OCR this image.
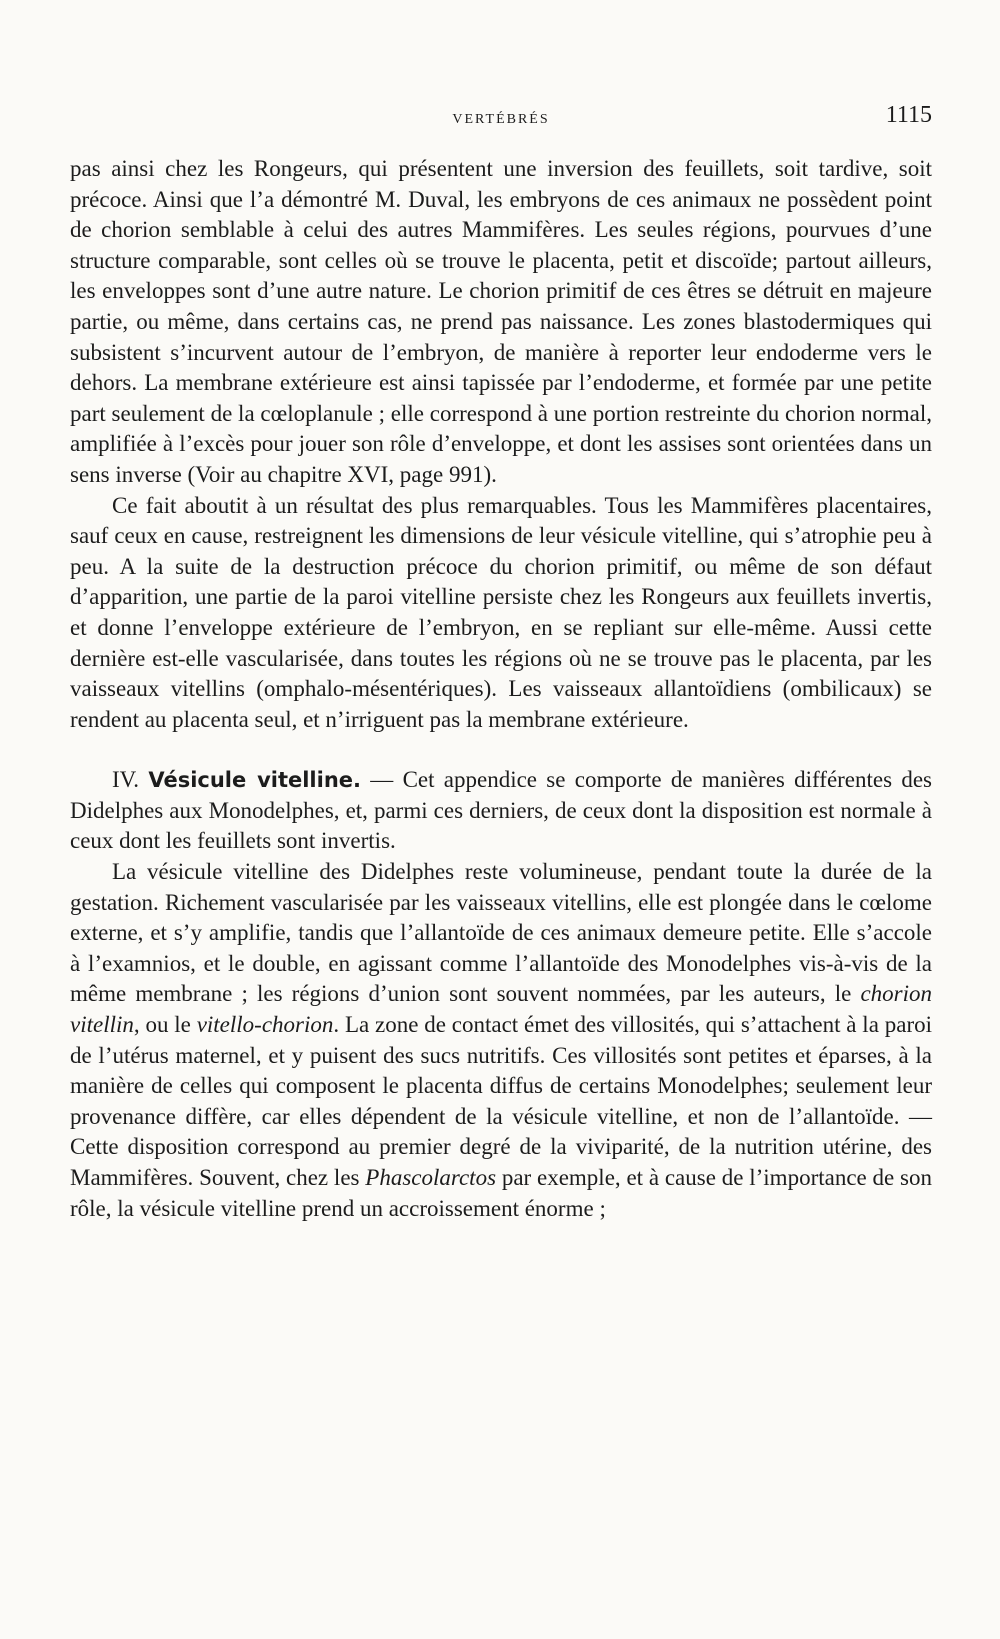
VERTÉBRÉS	1115

pas ainsi chez les Rongeurs, qui présentent une inversion des feuillets, soit tardive, soit précoce. Ainsi que l’a démontré M. Duval, les embryons de ces animaux ne possèdent point de chorion semblable à celui des autres Mammifères. Les seules régions, pourvues d’une structure comparable, sont celles où se trouve le placenta, petit et discoïde; partout ailleurs, les enveloppes sont d’une autre nature. Le chorion primitif de ces êtres se détruit en majeure partie, ou même, dans certains cas, ne prend pas naissance. Les zones blastodermiques qui subsistent s’incurvent autour de l’embryon, de manière à reporter leur endoderme vers le dehors. La membrane extérieure est ainsi tapissée par l’endoderme, et formée par une petite part seulement de la cœloplanule ; elle correspond à une portion restreinte du chorion normal, amplifiée à l’excès pour jouer son rôle d’enveloppe, et dont les assises sont orientées dans un sens inverse (Voir au chapitre XVI, page 991).

Ce fait aboutit à un résultat des plus remarquables. Tous les Mammifères placentaires, sauf ceux en cause, restreignent les dimensions de leur vésicule vitelline, qui s’atrophie peu à peu. A la suite de la destruction précoce du chorion primitif, ou même de son défaut d’apparition, une partie de la paroi vitelline persiste chez les Rongeurs aux feuillets invertis, et donne l’enveloppe extérieure de l’embryon, en se repliant sur elle-même. Aussi cette dernière est-elle vascularisée, dans toutes les régions où ne se trouve pas le placenta, par les vaisseaux vitellins (omphalo-mésentériques). Les vaisseaux allantoïdiens (ombilicaux) se rendent au placenta seul, et n’irriguent pas la membrane extérieure.

IV. Vésicule vitelline. — Cet appendice se comporte de manières différentes des Didelphes aux Monodelphes, et, parmi ces derniers, de ceux dont la disposition est normale à ceux dont les feuillets sont invertis.

La vésicule vitelline des Didelphes reste volumineuse, pendant toute la durée de la gestation. Richement vascularisée par les vaisseaux vitellins, elle est plongée dans le cœlome externe, et s’y amplifie, tandis que l’allantoïde de ces animaux demeure petite. Elle s’accole à l’examnios, et le double, en agissant comme l’allantoïde des Monodelphes vis-à-vis de la même membrane ; les régions d’union sont souvent nommées, par les auteurs, le chorion vitellin, ou le vitello-chorion. La zone de contact émet des villosités, qui s’attachent à la paroi de l’utérus maternel, et y puisent des sucs nutritifs. Ces villosités sont petites et éparses, à la manière de celles qui composent le placenta diffus de certains Monodelphes; seulement leur provenance diffère, car elles dépendent de la vésicule vitelline, et non de l’allantoïde. — Cette disposition correspond au premier degré de la viviparité, de la nutrition utérine, des Mammifères. Souvent, chez les Phascolarctos par exemple, et à cause de l’importance de son rôle, la vésicule vitelline prend un accroissement énorme ;
